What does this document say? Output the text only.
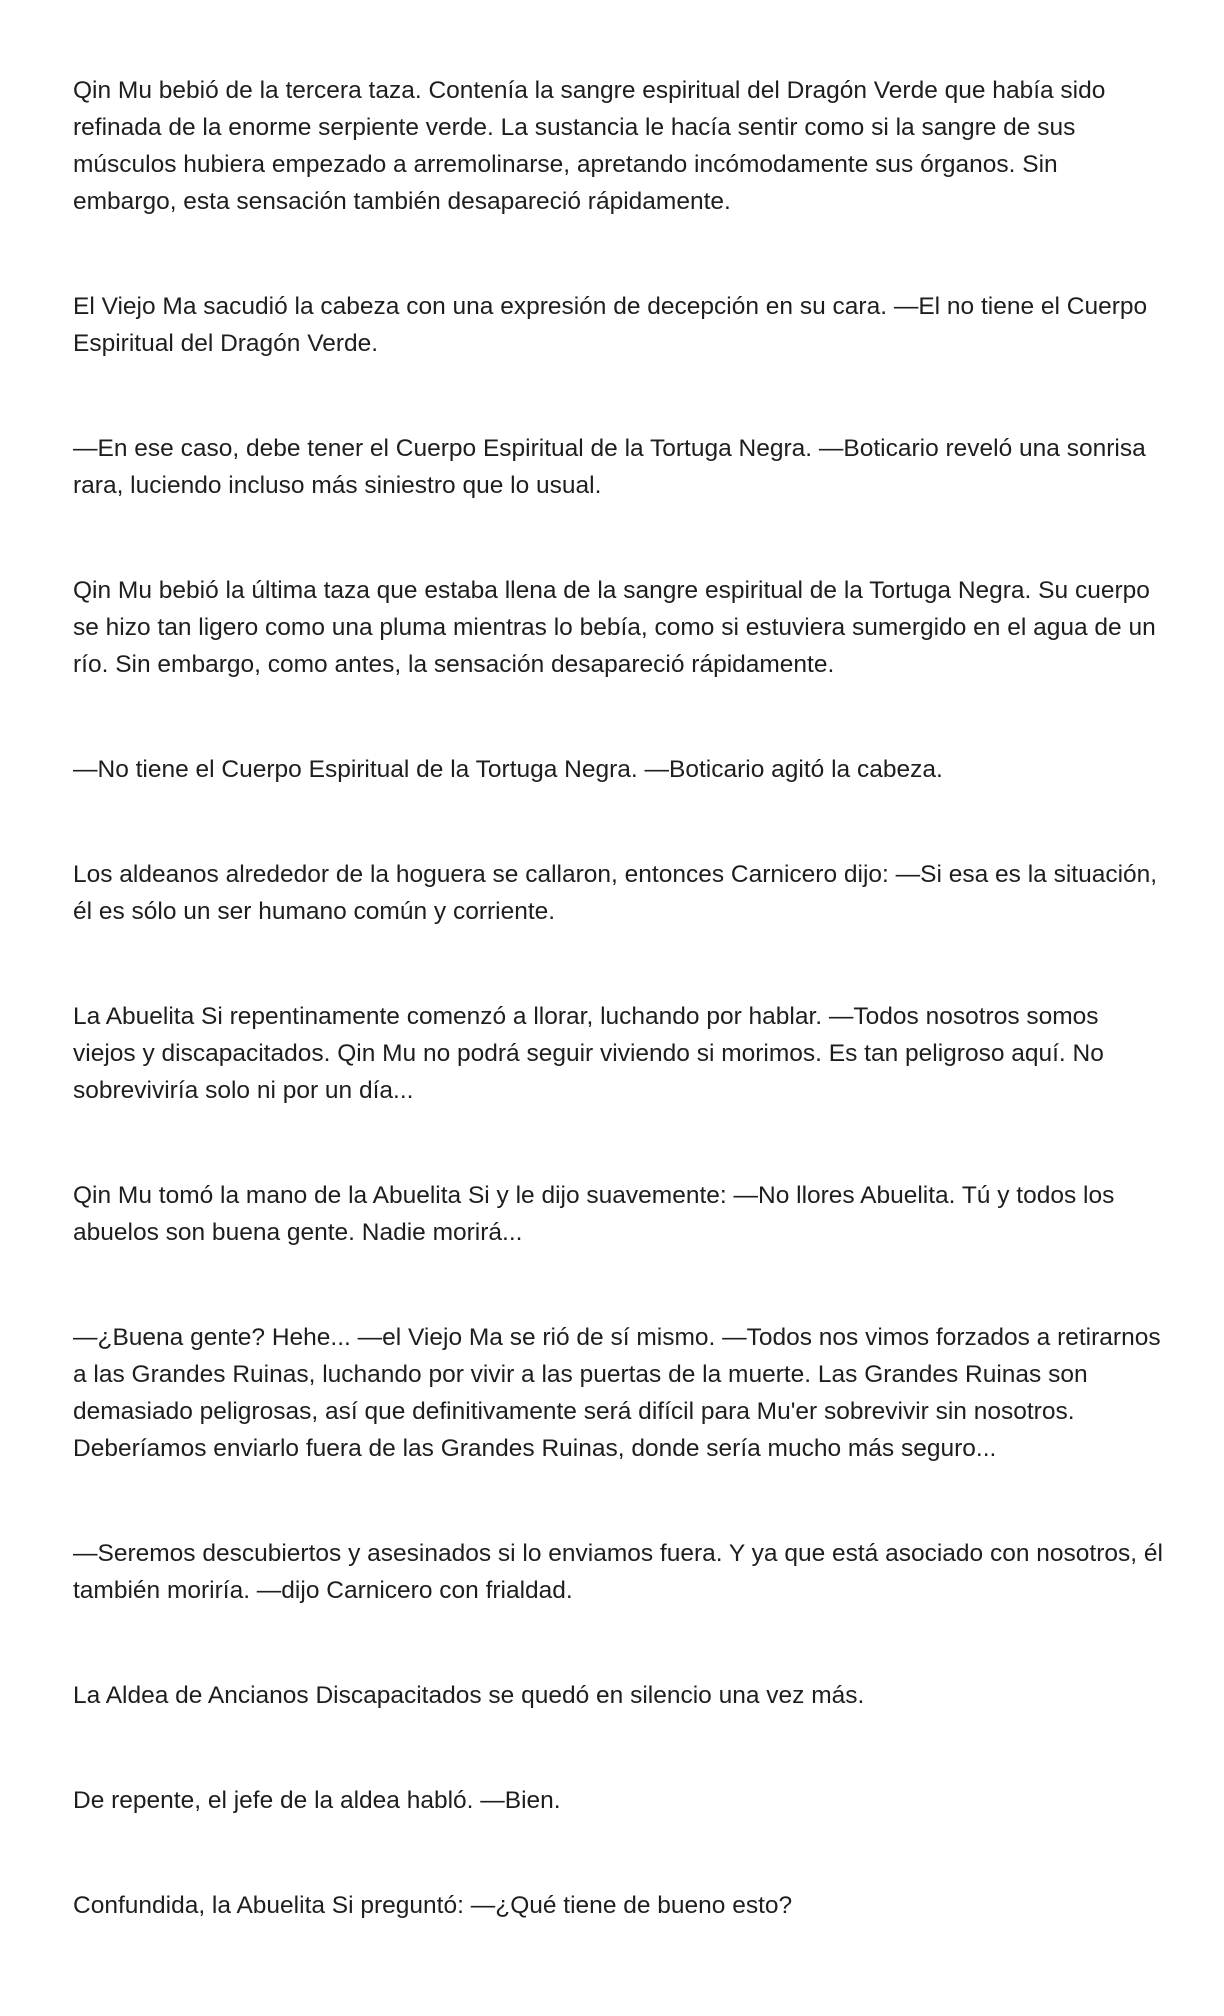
Qin Mu bebió de la tercera taza. Contenía la sangre espiritual del Dragón Verde que había sido refinada de la enorme serpiente verde. La sustancia le hacía sentir como si la sangre de sus músculos hubiera empezado a arremolinarse, apretando incómodamente sus órganos. Sin embargo, esta sensación también desapareció rápidamente.

El Viejo Ma sacudió la cabeza con una expresión de decepción en su cara. —El no tiene el Cuerpo Espiritual del Dragón Verde.

—En ese caso, debe tener el Cuerpo Espiritual de la Tortuga Negra. —Boticario reveló una sonrisa rara, luciendo incluso más siniestro que lo usual.

Qin Mu bebió la última taza que estaba llena de la sangre espiritual de la Tortuga Negra. Su cuerpo se hizo tan ligero como una pluma mientras lo bebía, como si estuviera sumergido en el agua de un río. Sin embargo, como antes, la sensación desapareció rápidamente.

—No tiene el Cuerpo Espiritual de la Tortuga Negra. —Boticario agitó la cabeza.

Los aldeanos alrededor de la hoguera se callaron, entonces Carnicero dijo: —Si esa es la situación, él es sólo un ser humano común y corriente.

La Abuelita Si repentinamente comenzó a llorar, luchando por hablar. —Todos nosotros somos viejos y discapacitados. Qin Mu no podrá seguir viviendo si morimos. Es tan peligroso aquí. No sobreviviría solo ni por un día...

Qin Mu tomó la mano de la Abuelita Si y le dijo suavemente: —No llores Abuelita. Tú y todos los abuelos son buena gente. Nadie morirá...

—¿Buena gente? Hehe... —el Viejo Ma se rió de sí mismo. —Todos nos vimos forzados a retirarnos a las Grandes Ruinas, luchando por vivir a las puertas de la muerte. Las Grandes Ruinas son demasiado peligrosas, así que definitivamente será difícil para Mu'er sobrevivir sin nosotros. Deberíamos enviarlo fuera de las Grandes Ruinas, donde sería mucho más seguro...

—Seremos descubiertos y asesinados si lo enviamos fuera. Y ya que está asociado con nosotros, él también moriría. —dijo Carnicero con frialdad.

La Aldea de Ancianos Discapacitados se quedó en silencio una vez más.

De repente, el jefe de la aldea habló. —Bien.

Confundida, la Abuelita Si preguntó: —¿Qué tiene de bueno esto?
